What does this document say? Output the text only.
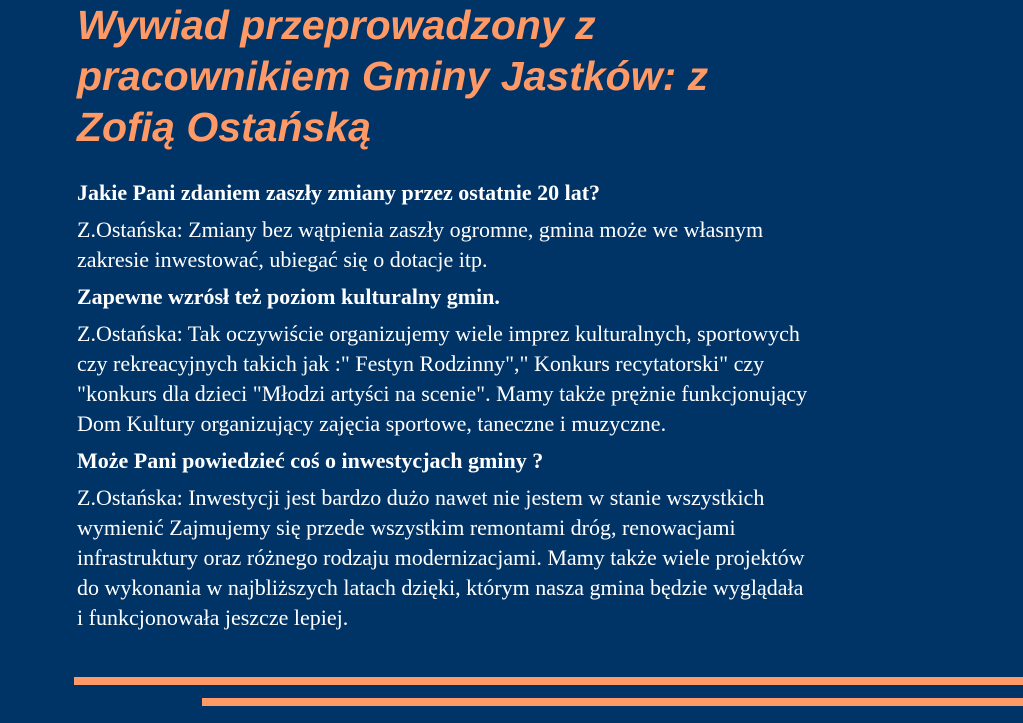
Wywiad przeprowadzony z
pracownikiem Gminy Jastków: z
Zofią Ostańską

Jakie Pani zdaniem zaszły zmiany przez ostatnie 20 lat?

Z.Ostańska: Zmiany bez wątpienia zaszły ogromne, gmina może we własnym
zakresie inwestować, ubiegać się o dotacje itp.

Zapewne wzrósł też poziom kulturalny gmin.

Z.Ostańska: Tak oczywiście organizujemy wiele imprez kulturalnych, sportowych
czy rekreacyjnych takich jak :" Festyn Rodzinny"," Konkurs recytatorski" czy
"konkurs dla dzieci "Młodzi artyści na scenie". Mamy także prężnie funkcjonujący
Dom Kultury organizujący zajęcia sportowe, taneczne i muzyczne.

Może Pani powiedzieć coś o inwestycjach gminy ?

Z.Ostańska: Inwestycji jest bardzo dużo nawet nie jestem w stanie wszystkich
wymienić Zajmujemy się przede wszystkim remontami dróg, renowacjami
infrastruktury oraz różnego rodzaju modernizacjami. Mamy także wiele projektów
do wykonania w najbliższych latach dzięki, którym nasza gmina będzie wyglądała
i funkcjonowała jeszcze lepiej.
